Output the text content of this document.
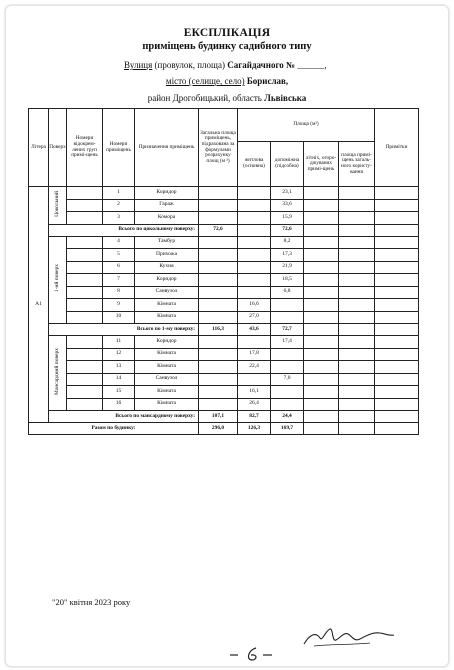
ЕКСПЛІКАЦІЯ
приміщень будинку садибного типу
Вулиця (провулок, площа) Сагайдачного № ______,
місто (селище, село) Борислав,
район Дрогобицький, область Львівська
Літера	Поверх	Номери відокрем-лених груп примі-щень	Номери приміщень	Призначення приміщень	Загальна площа приміщень, підрахована за формулами розрахунку площ (м ²)	Площа (м²)				Примітки
						житлова (основна)	допоміжна (підсобна)	літніх, огоро-джуваних примі-щень	площа примі-щень загаль-ного користу-вання	
А1	Цокольний		1	Коридор			23,1			
			2	Гараж			33,6			
			3	Комора			15,9			
	Всього по цокольному поверху:				72,6		72,6			
	1-ий поверх		4	Тамбур			8,2			
			5	Прихожа			17,3			
			6	Кухня			21,9			
			7	Коридор			18,5			
			8	Санвузол			6,8			
			9	Кімната		16,6				
			10	Кімната		27,0				
	Всього по 1-му поверху:				116,3	43,6	72,7			
	Мансардний поверх		11	Коридор			17,4			
			12	Кімната		17,8				
			13	Кімната		22,4				
			14	Санвузол			7,0			
			15	Кімната		16,1				
			16	Кімната		26,4				
	Всього по мансардному поверху:				107,1	82,7	24,4			
Разом по будинку:					296,0	126,3	169,7			
"20" квітня 2023 року
